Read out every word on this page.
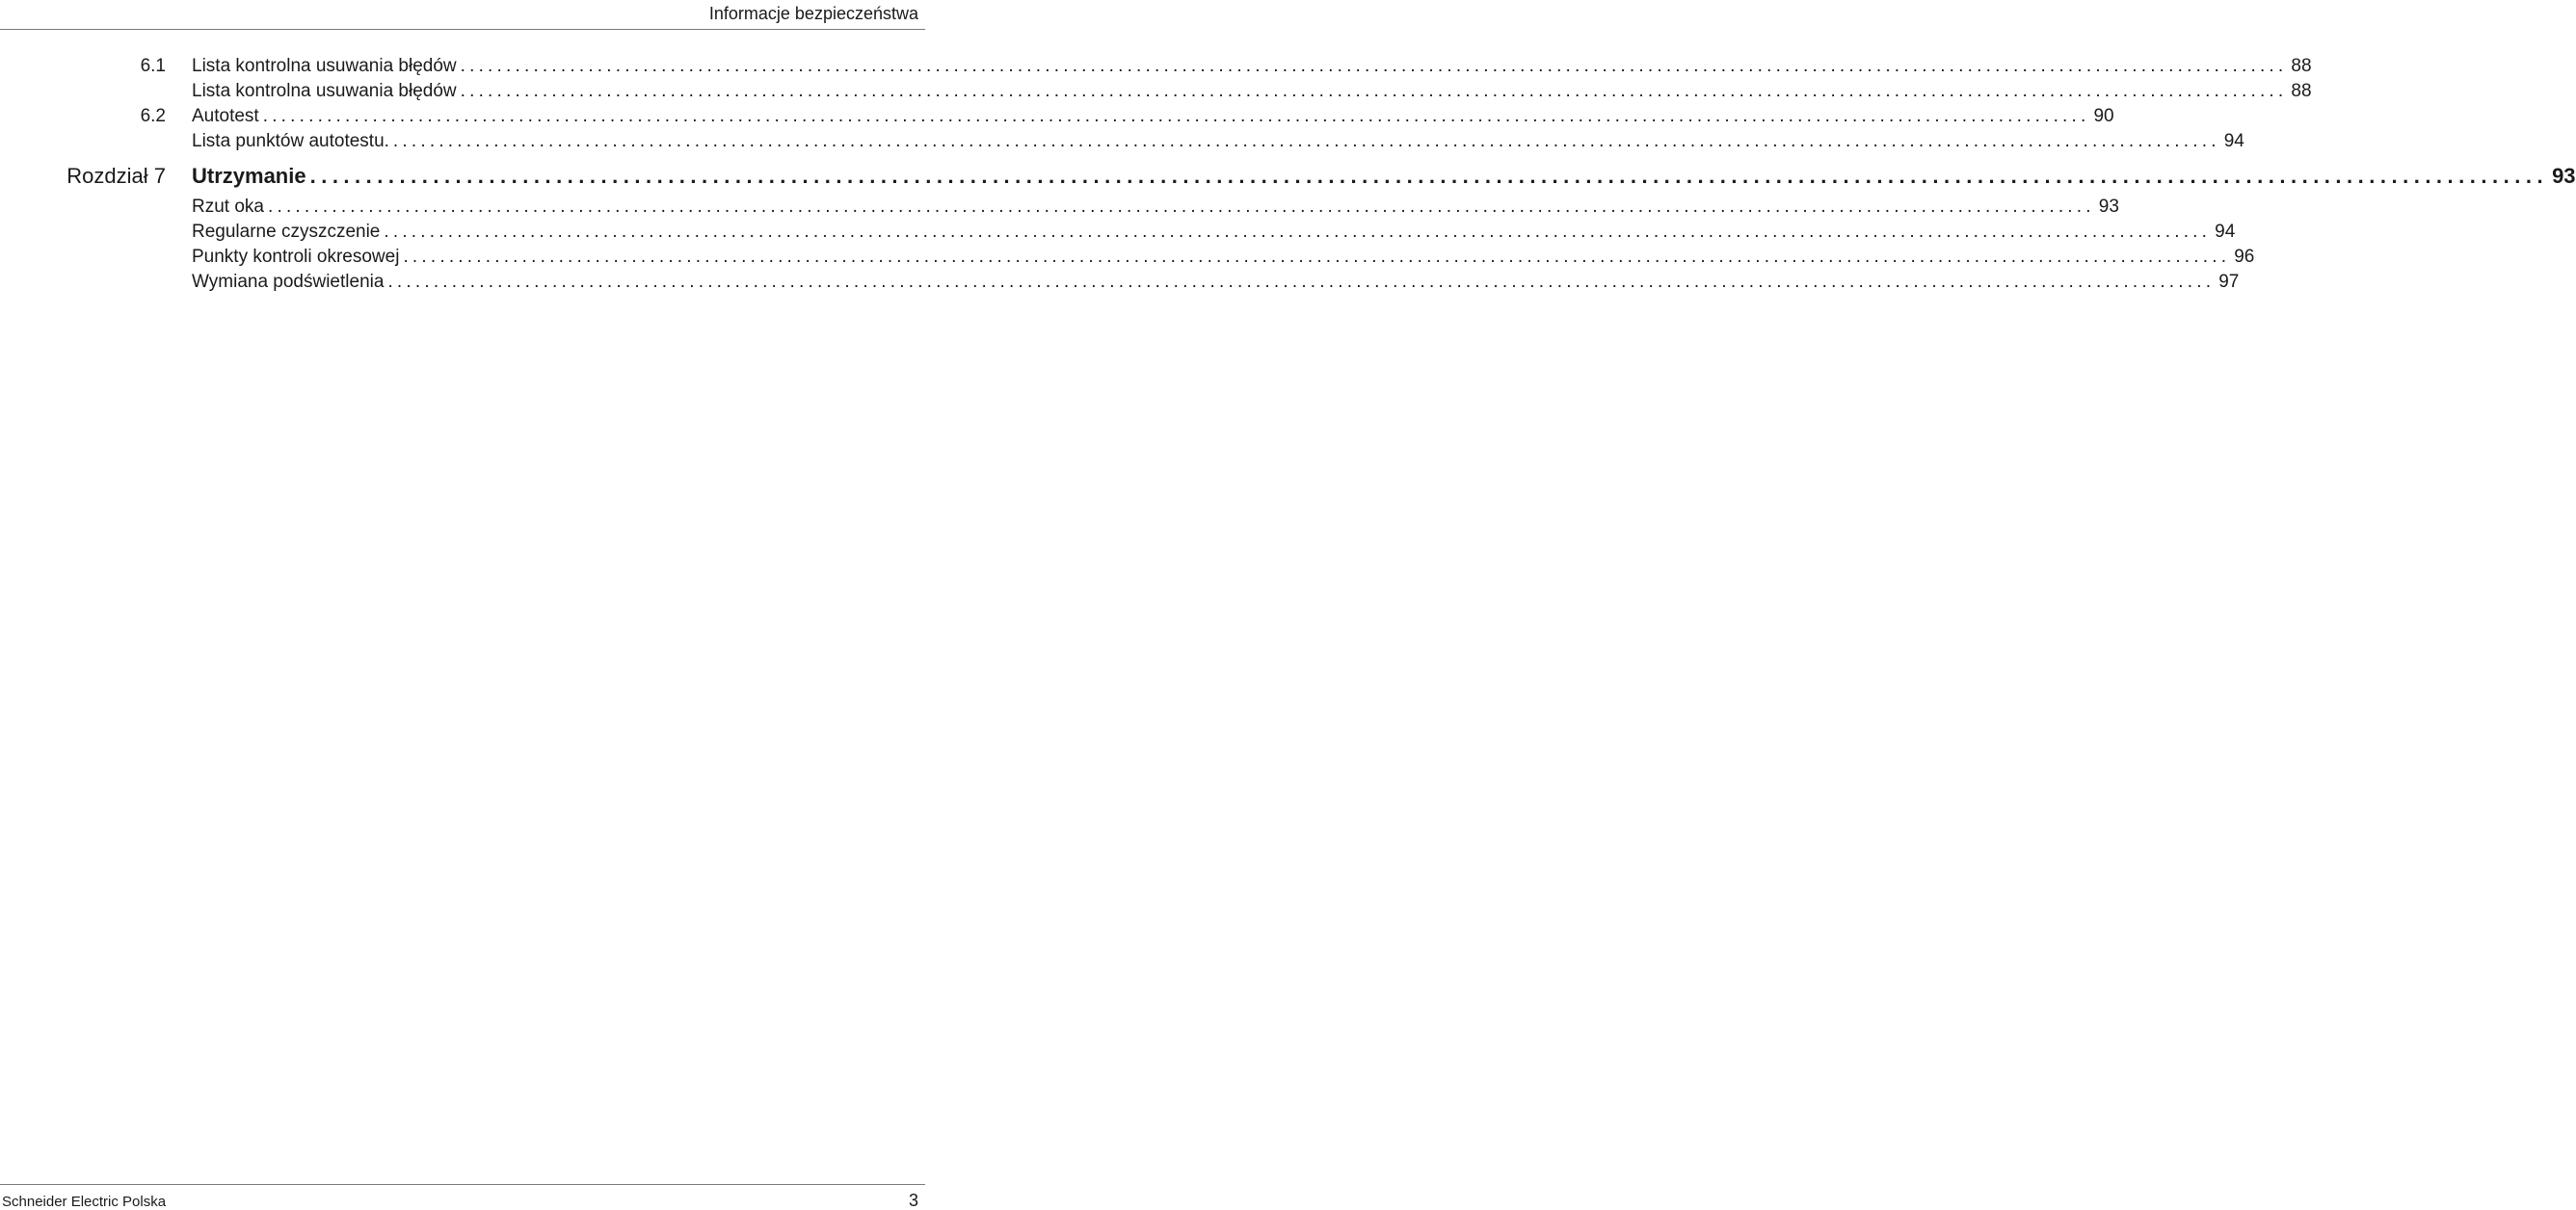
Informacje bezpieczeństwa
6.1 Lista kontrolna usuwania błędów ........................................................................................................................................................................................................ 88
Lista kontrolna usuwania błędów ........................................................................................................................................................................................................ 88
6.2 Autotest ........................................................................................................................................................................................................ 90
Lista punktów autotestu. ........................................................................................................................................................................................................ 94
Rozdział 7 Utrzymanie ........................................................................................................................................................................................................ 93
Rzut oka ........................................................................................................................................................................................................ 93
Regularne czyszczenie ........................................................................................................................................................................................................ 94
Punkty kontroli okresowej ........................................................................................................................................................................................................ 96
Wymiana podświetlenia ........................................................................................................................................................................................................ 97
Schneider Electric Polska	3
